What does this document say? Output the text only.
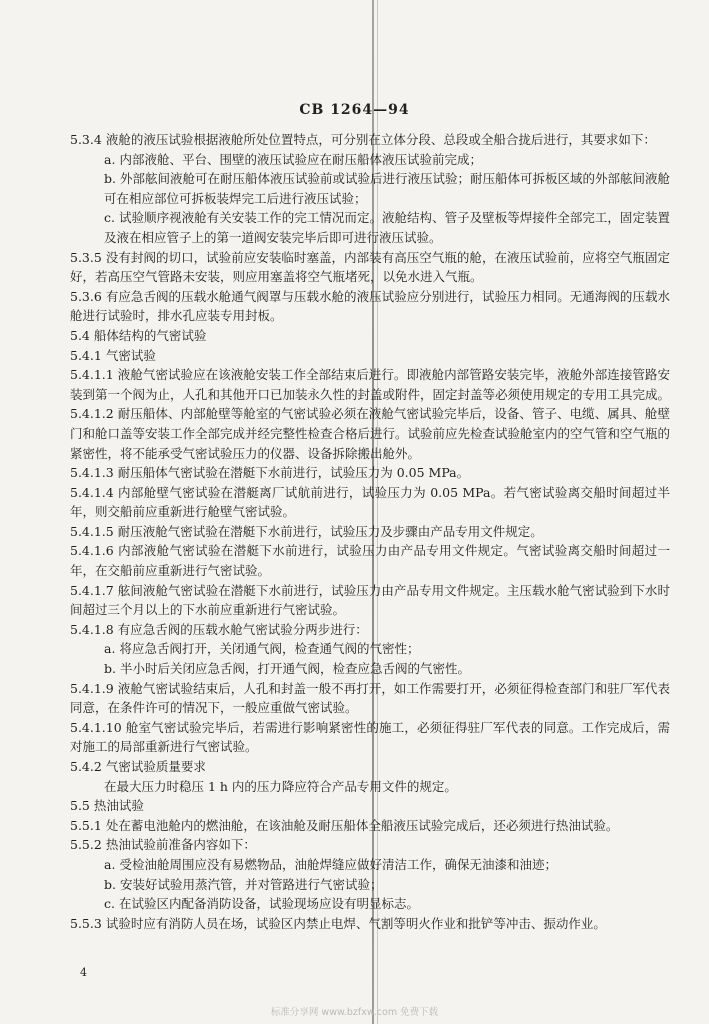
CB 1264—94

5.3.4 液舱的液压试验根据液舱所处位置特点，可分别在立体分段、总段或全船合拢后进行，其要求如下：

a. 内部液舱、平台、围壁的液压试验应在耐压船体液压试验前完成；

b. 外部舷间液舱可在耐压船体液压试验前或试验后进行液压试验；耐压船体可拆板区域的外部舷间液舱可在相应部位可拆板装焊完工后进行液压试验；

c. 试验顺序视液舱有关安装工作的完工情况而定。液舱结构、管子及壁板等焊接件全部完工，固定装置及液在相应管子上的第一道阀安装完毕后即可进行液压试验。

5.3.5 没有封阀的切口，试验前应安装临时塞盖，内部装有高压空气瓶的舱，在液压试验前，应将空气瓶固定好，若高压空气管路未安装，则应用塞盖将空气瓶堵死，以免水进入气瓶。

5.3.6 有应急舌阀的压载水舱通气阀罩与压载水舱的液压试验应分别进行，试验压力相同。无通海阀的压载水舱进行试验时，排水孔应装专用封板。

5.4 船体结构的气密试验

5.4.1 气密试验

5.4.1.1 液舱气密试验应在该液舱安装工作全部结束后进行。即液舱内部管路安装完毕，液舱外部连接管路安装到第一个阀为止，人孔和其他开口已加装永久性的封盖或附件，固定封盖等必须使用规定的专用工具完成。

5.4.1.2 耐压船体、内部舱壁等舱室的气密试验必须在液舱气密试验完毕后，设备、管子、电缆、属具、舱壁门和舱口盖等安装工作全部完成并经完整性检查合格后进行。试验前应先检查试验舱室内的空气管和空气瓶的紧密性，将不能承受气密试验压力的仪器、设备拆除搬出舱外。

5.4.1.3 耐压船体气密试验在潜艇下水前进行，试验压力为 0.05 MPa。

5.4.1.4 内部舱壁气密试验在潜艇离厂试航前进行，试验压力为 0.05 MPa。若气密试验离交船时间超过半年，则交船前应重新进行舱壁气密试验。

5.4.1.5 耐压液舱气密试验在潜艇下水前进行，试验压力及步骤由产品专用文件规定。

5.4.1.6 内部液舱气密试验在潜艇下水前进行，试验压力由产品专用文件规定。气密试验离交船时间超过一年，在交船前应重新进行气密试验。

5.4.1.7 舷间液舱气密试验在潜艇下水前进行，试验压力由产品专用文件规定。主压载水舱气密试验到下水时间超过三个月以上的下水前应重新进行气密试验。

5.4.1.8 有应急舌阀的压载水舱气密试验分两步进行：

a. 将应急舌阀打开，关闭通气阀，检查通气阀的气密性；

b. 半小时后关闭应急舌阀，打开通气阀，检查应急舌阀的气密性。

5.4.1.9 液舱气密试验结束后，人孔和封盖一般不再打开，如工作需要打开，必须征得检查部门和驻厂军代表同意，在条件许可的情况下，一般应重做气密试验。

5.4.1.10 舱室气密试验完毕后，若需进行影响紧密性的施工，必须征得驻厂军代表的同意。工作完成后，需对施工的局部重新进行气密试验。

5.4.2 气密试验质量要求

在最大压力时稳压 1 h 内的压力降应符合产品专用文件的规定。

5.5 热油试验

5.5.1 处在蓄电池舱内的燃油舱，在该油舱及耐压船体全船液压试验完成后，还必须进行热油试验。

5.5.2 热油试验前准备内容如下：

a. 受检油舱周围应没有易燃物品，油舱焊缝应做好清洁工作，确保无油漆和油迹；

b. 安装好试验用蒸汽管，并对管路进行气密试验；

c. 在试验区内配备消防设备，试验现场应设有明显标志。

5.5.3 试验时应有消防人员在场，试验区内禁止电焊、气割等明火作业和批铲等冲击、振动作业。

4
标准分享网 www.bzfxw.com 免费下载
